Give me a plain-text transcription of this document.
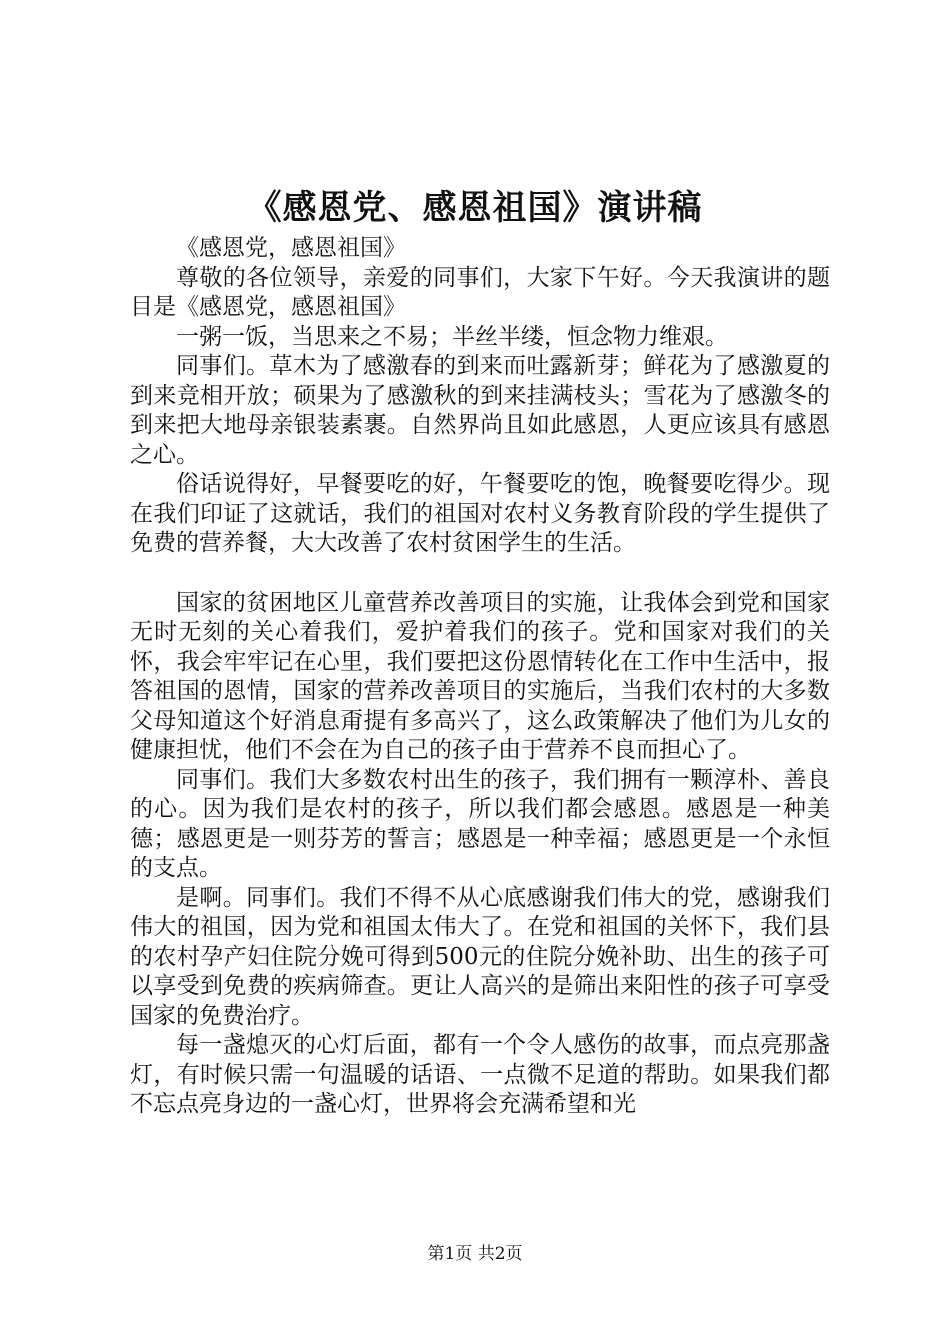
《感恩党、感恩祖国》演讲稿

《感恩党，感恩祖国》

尊敬的各位领导，亲爱的同事们，大家下午好。今天我演讲的题目是《感恩党，感恩祖国》

一粥一饭，当思来之不易；半丝半缕，恒念物力维艰。

同事们。草木为了感激春的到来而吐露新芽；鲜花为了感激夏的到来竞相开放；硕果为了感激秋的到来挂满枝头；雪花为了感激冬的到来把大地母亲银装素裹。自然界尚且如此感恩，人更应该具有感恩之心。

俗话说得好，早餐要吃的好，午餐要吃的饱，晚餐要吃得少。现在我们印证了这就话，我们的祖国对农村义务教育阶段的学生提供了免费的营养餐，大大改善了农村贫困学生的生活。

国家的贫困地区儿童营养改善项目的实施，让我体会到党和国家无时无刻的关心着我们，爱护着我们的孩子。党和国家对我们的关怀，我会牢牢记在心里，我们要把这份恩情转化在工作中生活中，报答祖国的恩情，国家的营养改善项目的实施后，当我们农村的大多数父母知道这个好消息甭提有多高兴了，这么政策解决了他们为儿女的健康担忧，他们不会在为自己的孩子由于营养不良而担心了。

同事们。我们大多数农村出生的孩子，我们拥有一颗淳朴、善良的心。因为我们是农村的孩子，所以我们都会感恩。感恩是一种美德；感恩更是一则芬芳的誓言；感恩是一种幸福；感恩更是一个永恒的支点。

是啊。同事们。我们不得不从心底感谢我们伟大的党，感谢我们伟大的祖国，因为党和祖国太伟大了。在党和祖国的关怀下，我们县的农村孕产妇住院分娩可得到500元的住院分娩补助、出生的孩子可以享受到免费的疾病筛查。更让人高兴的是筛出来阳性的孩子可享受国家的免费治疗。

每一盏熄灭的心灯后面，都有一个令人感伤的故事，而点亮那盏灯，有时候只需一句温暖的话语、一点微不足道的帮助。如果我们都不忘点亮身边的一盏心灯，世界将会充满希望和光

第1页 共2页
